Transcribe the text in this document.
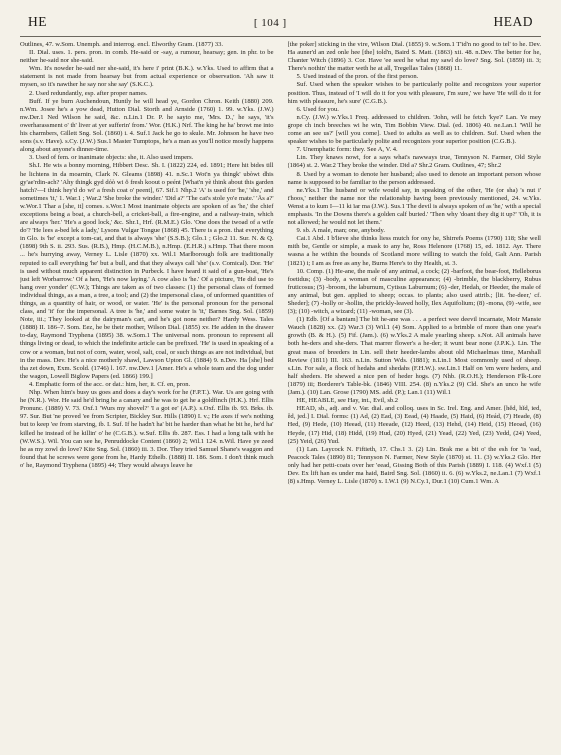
HE	[ 104 ]	HEAD

Outlines, 47. w.Som. Unemph. and interrog. encl. Elworthy Gram. (1877) 33.

II. Dial. uses. 1. pers. pron. in comb. He-said or -say, a rumour, hearsay; gen. in phr. to be neither he-said nor she-said.

Wm. It's nowder he-said ner she-said, it's here i' print (B.K.). w.Yks. Used to affirm that a statement is not made from hearsay but from actual experience or observation. 'Ah saw it mysen, so it's nawther he say nor she say' (S.K.C.).

2. Used redundantly, esp. after proper names.

Buff. If ye burn Auchendoun, Huntly he will head ye, Gordon Chron. Keith (1880) 209. n.Wm. Josee he's a yow dead, Hutton Dial. Storth and Arnside (1760) 1. 99. w.Yks. (J.W.) nw.Der.1 Ned Wilson he said, &c. n.Lin.1 Dr. P. he sayto me, 'Mrs. D.,' he says, 'it's owerharassment o' th' liver at yer sufferin' from.' Wor. (H.K.) Nrf. The king he ha' browt me into his charmbers, Gillett Sng. Sol. (1860) i. 4. Suf.1 Jack he go to skule. Mr. Johnson he have two sons (s.v. Have). s.Cy. (J.W.) Sus.1 Master Tumptops, he's a man as you'll notice mostly happens along about anyone's dinner-time.

3. Used of fem. or inanimate objects: she, it. Also used impers.

Sh.I. He wis a bonny morning, Hibbert Desc. Sh. I. (1822) 224, ed. 1891; Here hit bides till he lichtens in da moarnin, Clark N. Gleams (1898) 41. n.Sc.1 Wot'n ya thingk' ubòwt dhis gy'ae'rdin-ach? 'Ahy thingk gyd dóò wi ŏ fresh koout o peént [What'n yè think about this garden hatch?—I think hey'd do wi' a fresh coat o' peent], 67. Sif.1 Nhp.2 'A' is used for 'he,' 'she,' and sometimes 'it,' 1. War.1 ; War.2 'She broke the winder.' 'Did a?' 'The cat's stole yo'e mate.' 'Ās a?' w.Wor.1 Thar a [she, it] comes. s.Wor.1 Most inanimate objects are spoken of as 'he,' the chief exceptions being a boat, a church-bell, a cricket-ball, a fire-engine, and a railway-train, which are always 'her.' 'He's a good lock,' &c. Shr.1, Hrf. (R.M.E.) Glo. 'One does the twoad of a wife do'? 'He lees a-bed lek a lady,' Lysons Vulgar Tongue (1868) 45. There is a pron. that everything in Glo. is 'he' except a tom-cat, and that is always 'she' (S.S.B.); Glo.1 ; Glo.2 11. Sur. N. & Q. (1898) 9th S. ii. 293. Sus. (R.B.), Hmp. (H.C.M.B.), n.Hmp. (E.H.R.) s.Hmp. That there moon ... he's hurrying away, Verney L. Lisle (1870) xx. Wil.1 Marlborough folk are traditionally reputed to call everything 'he' but a bull, and that they always call 'she' (s.v. Comical). Dor. 'He' is used without much apparent distinction in Purbeck. I have heard it said of a gun-boat, 'He's just left Worbarrow.' Of a hen, 'He's now laying.' A cow also is 'he.' Of a picture, 'He did use to hang over yonder' (C.W.); Things are taken as of two classes: (1) the personal class of formed individual things, as a man, a tree, a tool; and (2) the impersonal class, of unformed quantities of things, as a quantity of hair, or wood, or water. 'He' is the personal pronoun for the personal class, and 'it' for the impersonal. A tree is 'he,' and some water is 'it,' Barnes Sng. Sol. (1859) Note, iii.; They looked at the dairyman's cart, and he's got none neither? Hardy Wess. Tales (1888) II. 186–7. Som. Eez, he be their mother, Wilson Dial. (1855) xv. He adden in the drawer to-day, Raymond Tryphena (1895) 38. w.Som.1 The universal nom. pronoun to represent all things living or dead, to which the indefinite article can be prefixed. 'He' is used in speaking of a cow or a woman, but not of corn, water, wool, salt, coal, or such things as are not individual, but in the mass. Dev. He's a nice motherly shawl, Lawson Upton Gl. (1884) 9. n.Dev. Ha [she] bed tha zet down, Exm. Scold. (1746) l. 167. nw.Dev.1 [Amer. He's a whole team and the dog under the wagon, Lowell Biglow Papers (ed. 1866) 199.]

4. Emphatic form of the acc. or dat.: him, her, it. Cf. en, pron.

Nhp. When him's busy us goes and does a day's work for he (F.P.T.). War. Us are going with he (N.R.). Wor. He said he'd bring he a canary and he was to get he a goldfinch (H.K.). Hrf. Ellis Pronunc. (1889) V. 73. Oxf.1 'Wurs my shovel?' 'I a got ee' (A.P.). s.Oxf. Ellis ib. 93. Brks. ib. 97. Sur. But 'ne proved 'ee from Scripter, Bickley Sur. Hills (1890) I. v.; He axes if we's nothing but to keep 'ee from starving, ib. I. Suf. If he hadn't ha' bit he harder than what he bit he, he'd ha' killed he instead of he killin' o' he (C.G.B.). w.Suf. Ellis ib. 287. Ess. I had a long talk with he (W.W.S.). Wil. You can see he, Penruddocke Content (1860) 2; Wil.1 124. n.Wil. Have ye zeed he as my zowl do love? Kite Sng. Sol. (1860) iii. 3. Dor. They tried Samuel Shane's waggon and found that he screws were gone from he, Hardy Ethelb. (1888) II. 186. Som. I don't think much o' he, Raymond Tryphena (1895) 44; They would always leave he

[the poker] sticking in the vire, Wilson Dial. (1855) 9. w.Som.1 T'id'n no good to tel' to he. Dev. Ha auner'd an zed onle hee [the] told'n, Baird S. Matt. (1863) xii. 48. n.Dev. The better for he, Chanter Witch (1896) 3. Cor. Have 'ee seed he what my sawl do love? Sng. Sol. (1859) iii. 3; There's nothin' the matter weth he at all, Tregellas Tales (1868) 11.

5. Used instead of the pron. of the first person.

Suf. Used when the speaker wishes to be particularly polite and recognizes your superior position. Thus, instead of 'I will do it for you with pleasure, I'm sure,' we have 'He will do it for him with pleasure, he's sure' (C.G.B.).

6. Used for you.

n.Cy. (J.W.) w.Yks.1 Freq. addressed to children. 'John, will he fetch 'kye?' Lan. Ye mey grope ch inch breeches wi he win, Tim Bobbin View. Dial. (ed. 1806) 40. ne.Lan.1 'Will he come an see us?' [will you come]. Used to adults as well as to children. Suf. Used when the speaker wishes to be particularly polite and recognizes your superior position (C.G.B.).

7. Unemphatic form: they. See A, V. 4.

Lin. They knaws nowt, for a says what's nawways true, Tennyson N. Farmer, Old Style (1864) st. 2. War.2 They broke the winder. Did a? Shr.2 Gram. Outlines, 47; Shr.2

8. Used by a woman to denote her husband; also used to denote an important person whose name is supposed to be familiar to the person addressed.

ne.Yks.1 The husband or wife would say, in speaking of the other, 'He (or sha) 's nut i' t'hoos,' neither the name nor the relationship having been previously mentioned, 24. w.Yks. Wenst a to kum I—11 ki ïar ma (J.W.). Sus.1 The devil is always spoken of as 'he,' with a special emphasis. 'In the Downs there's a golden calf buried.' 'Then why 'doant they dig it up?' 'Oh, it is not allowed; he would not let them.'

9. sb. A male, man; one, anybody.

Cai.1 Abd. I b'lieve she thinks liess mutch for ony he, Shirrefs Poems (1790) 118; She well mith be, Gentle or simple, a mask to any he, Ross Helenore (1768) 15, ed. 1812. Ayr. There wasna a he within the bounds of Scotland more willing to watch the fold, Galt Ann. Parish (1821) i; I am as free as any he, Burns Here's to thy Health, st. 3.

10. Comp. (1) He-ane, the male of any animal, a cock; (2) -barfoot, the bear-foot, Helleborus foetidus; (3) -body, a woman of masculine appearance; (4) -brimble, the blackberry, Rubus fruticosus; (5) -broom, the laburnum, Cytisus Laburnum; (6) -der, Hedah, or Heeder, the male of any animal, but gen. applied to sheep; occas. to plants; also used attrib.; [lit. 'he-deer,' cf. Sheder]; (7) -holly or -hollin, the prickly-leaved holly, Ilex Aquifolium; (8) -mona, (9) -wife, see (3); (10) -witch, a wizard; (11) -woman, see (3).

(1) Edb. [Of a bantam] The bit he-ane was . . . a perfect wee deevil incarnate, Moir Mansie Wauch (1828) xx. (2) War.3 (3) Wil.1 (4) Som. Applied to a brimble of more than one year's growth (B. & H.). (5) Fif. (Jam.). (6) w.Yks.2 A male yearling sheep. s.Not. All animals have both he-ders and she-ders. That marrer flower's a he-der; it wunt bear none (J.P.K.). Lin. The great mass of breeders in Lin. sell their heeder-lambs about old Michaelmas time, Marshall Review (1811) III. 163. n.Lin. Sutton Wds. (1881); n.Lin.1 Most commonly used of sheep. s.Lin. For sale, a flock of hedahs and shedahs (F.H.W.). sw.Lin.1 Half on 'em were heders, and half sheders. He shewed a nice pen of heder hogs. (7) Nhb. (R.O.H.); Henderson Flk-Lore (1879) iii; Borderer's Table-bk. (1846) VIII. 254. (8) n.Yks.2 (9) Cld. She's an unco he wife (Jam.). (10) Lan. Grose (1790) MS. add. (P.); Lan.1 (11) Wil.1

HE, HEABLE, see Hay, int., Evil, sb.2

HEAD, sb., adj. and v. Var. dial. and colloq. uses in Sc. Irel. Eng. and Amer. [hĕd, hĭd, ied, êd, jed.] I. Dial. forms: (1) Ad, (2) Ead, (3) Eead, (4) Haade, (5) Haid, (6) Heád, (7) Heade, (8) Hed, (9) Hede, (10) Heead, (11) Heeade, (12) Heed, (13) Hehd, (14) Heid, (15) Heoad, (16) Heyde, (17) Hid, (18) Hidd, (19) Hud, (20) Hyed, (21) Yead, (22) Yed, (23) Yedd, (24) Yeed, (25) Yeid, (26) Yud.

(1) Lan. Laycock N. Fiftieth, 17. Chs.1 3. (2) Lin. Brak me a bit o' the esh for 'is 'ead, Peacock Tales (1890) 81; Tennyson N. Farmer, New Style (1870) st. 11. (3) w.Yks.2 Glo. Her only had her petti-coats over her 'eead, Gissing Both of this Parish (1889) I. 118. (4) Wxf.1 (5) Dev. Ex lift han es under ma haid, Baird Sng. Sol. (1860) ii. 6. (6) w.Yks.2, ne.Lan.1 (7) Wxf.1 (8) s.Hmp. Verney L. Lisle (1870) x. I.W.1 (9) N.Cy.1, Dur.1 (10) Cum.1 Wm. A
